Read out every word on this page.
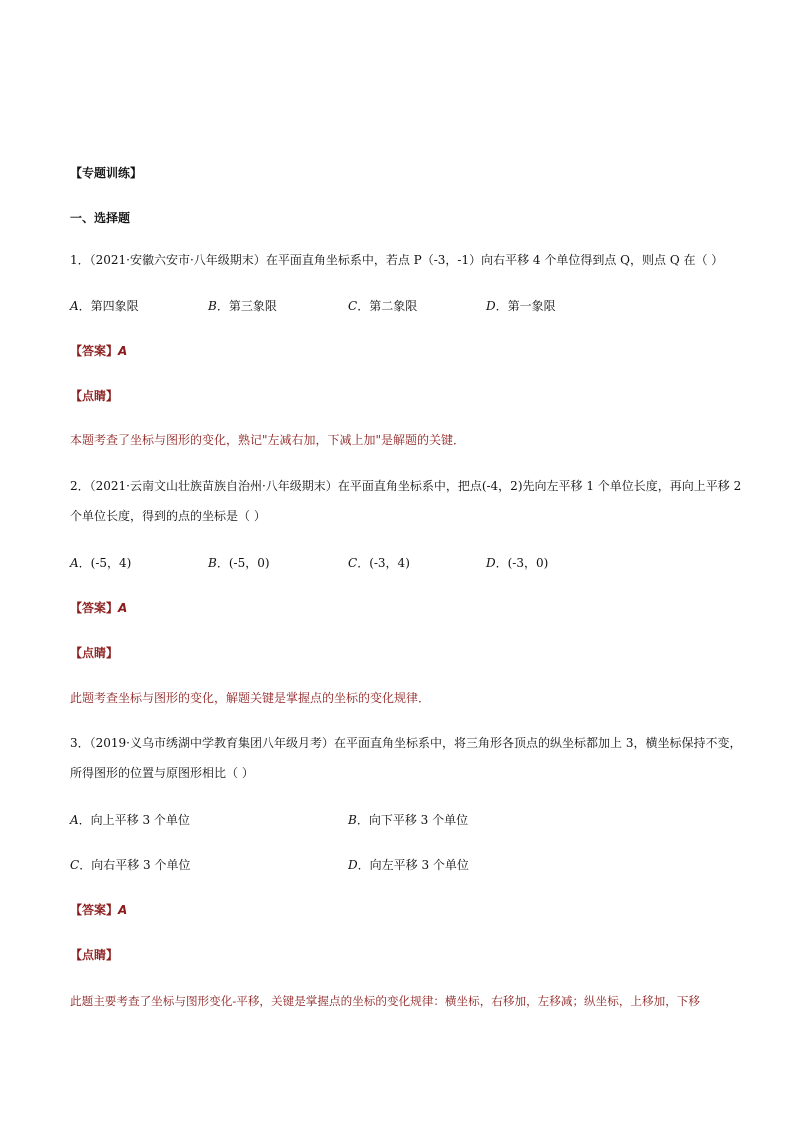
【专题训练】
一、选择题
1．（2021·安徽六安市·八年级期末）在平面直角坐标系中，若点 P（-3，-1）向右平移 4 个单位得到点 Q，则点 Q 在（ ）
A．第四象限	B．第三象限	C．第二象限	D．第一象限
【答案】A
【点睛】
本题考查了坐标与图形的变化，熟记"左减右加，下减上加"是解题的关键．
2．（2021·云南文山壮族苗族自治州·八年级期末）在平面直角坐标系中，把点(-4，2)先向左平移 1 个单位长度，再向上平移 2
个单位长度，得到的点的坐标是（ ）
A．(-5，4)	B．(-5，0)	C．(-3，4)	D．(-3，0)
【答案】A
【点睛】
此题考查坐标与图形的变化，解题关键是掌握点的坐标的变化规律．
3．（2019·义乌市绣湖中学教育集团八年级月考）在平面直角坐标系中，将三角形各顶点的纵坐标都加上 3，横坐标保持不变，
所得图形的位置与原图形相比（ ）
A．向上平移 3 个单位	B．向下平移 3 个单位
C．向右平移 3 个单位	D．向左平移 3 个单位
【答案】A
【点睛】
此题主要考查了坐标与图形变化-平移，关键是掌握点的坐标的变化规律：横坐标，右移加，左移减；纵坐标，上移加，下移
